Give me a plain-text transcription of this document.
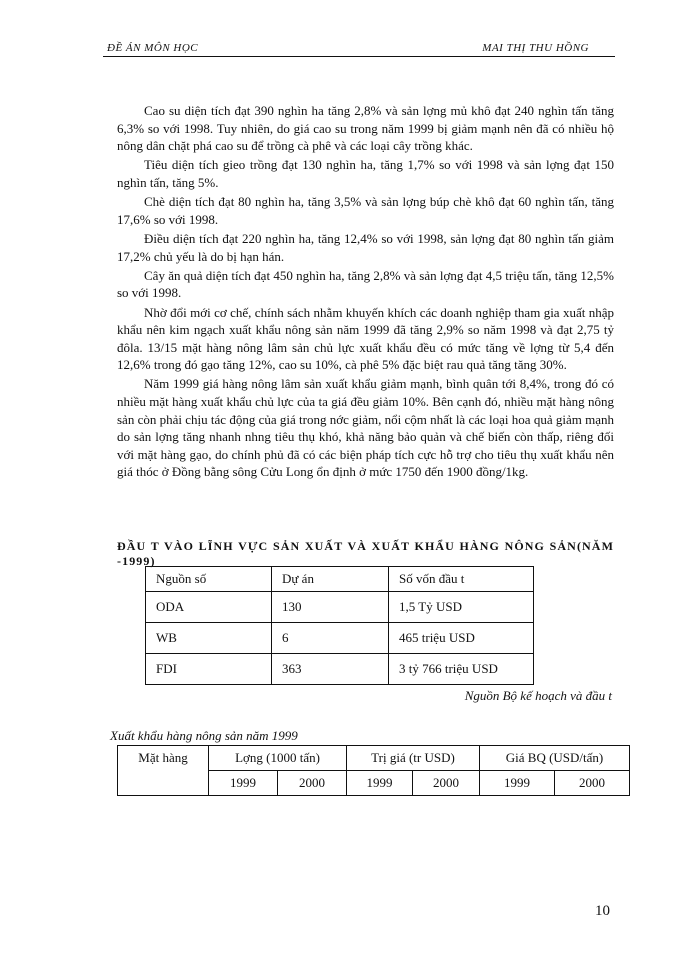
ĐỀ ÁN MÔN HỌC	MAI THỊ THU HỒNG

Cao su diện tích đạt 390 nghìn ha tăng 2,8% và sản lợng mủ khô đạt 240 nghìn tấn tăng 6,3% so với 1998. Tuy nhiên, do giá cao su trong năm 1999 bị giảm mạnh nên đã có nhiều hộ nông dân chặt phá cao su để trồng cà phê và các loại cây trồng khác.

Tiêu diện tích gieo trồng đạt 130 nghìn ha, tăng 1,7% so với 1998 và sản lợng đạt 150 nghìn tấn, tăng 5%.

Chè diện tích đạt 80 nghìn ha, tăng 3,5% và sản lợng búp chè khô đạt 60 nghìn tấn, tăng 17,6% so với 1998.

Điều diện tích đạt 220 nghìn ha, tăng 12,4% so với 1998, sản lợng đạt 80 nghìn tấn giảm 17,2% chủ yếu là do bị hạn hán.

Cây ăn quả diện tích đạt 450 nghìn ha, tăng 2,8% và sản lợng đạt 4,5 triệu tấn, tăng 12,5% so với 1998.

Nhờ đổi mới cơ chế, chính sách nhằm khuyến khích các doanh nghiệp tham gia xuất nhập khẩu nên kim ngạch xuất khẩu nông sản năm 1999 đã tăng 2,9% so năm 1998 và đạt 2,75 tỷ đôla. 13/15 mặt hàng nông lâm sản chủ lực xuất khẩu đều có mức tăng về lợng từ 5,4 đến 12,6% trong đó gạo tăng 12%, cao su 10%, cà phê 5% đặc biệt rau quả tăng tăng 30%.

Năm 1999 giá hàng nông lâm sản xuất khẩu giảm mạnh, bình quân tới 8,4%, trong đó có nhiều mặt hàng xuất khẩu chủ lực của ta giá đều giảm 10%. Bên cạnh đó, nhiều mặt hàng nông sản còn phải chịu tác động của giá trong nớc giảm, nổi cộm nhất là các loại hoa quả giảm mạnh do sản lợng tăng nhanh nhng tiêu thụ khó, khả năng bảo quản và chế biến còn thấp, riêng đối với mặt hàng gạo, do chính phủ đã có các biện pháp tích cực hỗ trợ cho tiêu thụ xuất khẩu nên giá thóc ở Đồng bằng sông Cửu Long ổn định ở mức 1750 đến 1900 đồng/1kg.

ĐẦU T VÀO LĨNH VỰC SẢN XUẤT VÀ XUẤT KHẨU HÀNG NÔNG SẢN(NĂM -1999)
Nguồn số	Dự án	Số vốn đầu t
ODA	130	1,5 Tỷ USD
WB	6	465 triệu USD
FDI	363	3 tỷ 766 triệu USD
Nguồn Bộ kế hoạch và đầu t
Xuất khẩu hàng nông sản năm 1999
Mặt hàng	Lợng (1000 tấn)		Trị giá (tr USD)		Giá BQ (USD/tấn)	
	1999	2000	1999	2000	1999	2000
10
